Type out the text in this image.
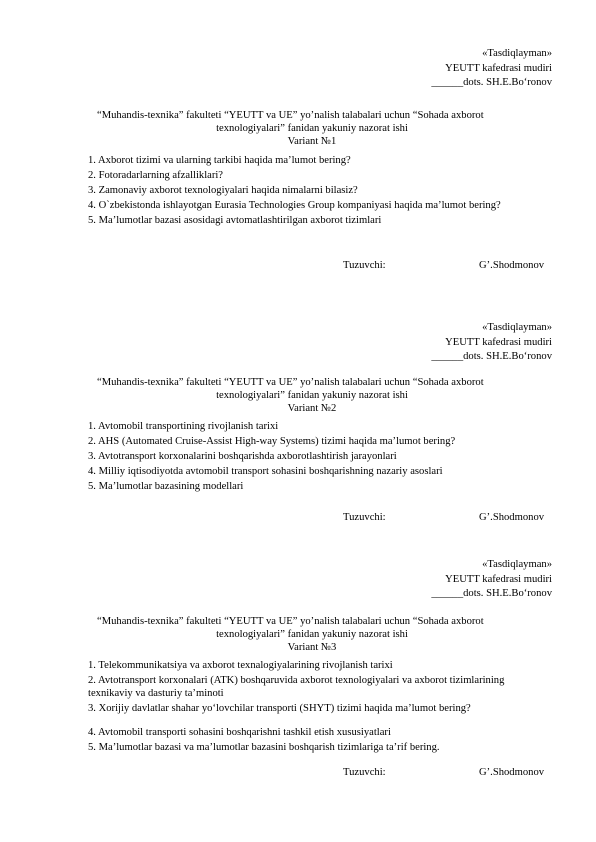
«Tasdiqlayman»
YEUTT kafedrasi mudiri
______dots. SH.E.Bo‘ronov
“Muhandis-texnika” fakulteti “YEUTT va UE” yo’nalish talabalari uchun “Sohada axborot
texnologiyalari” fanidan yakuniy nazorat ishi
Variant №1
1. Axborot tizimi va ularning tarkibi haqida ma’lumot bering?
2. Fotoradarlarning afzalliklari?
3. Zamonaviy axborot texnologiyalari haqida nimalarni bilasiz?
4. O`zbekistonda ishlayotgan Eurasia Technologies Group kompaniyasi haqida ma’lumot bering?
5. Ma’lumotlar bazasi asosidagi avtomatlashtirilgan axborot tizimlari
Tuzuvchi:	G’.Shodmonov
«Tasdiqlayman»
YEUTT kafedrasi mudiri
______dots. SH.E.Bo‘ronov
“Muhandis-texnika” fakulteti “YEUTT va UE” yo’nalish talabalari uchun “Sohada axborot
texnologiyalari” fanidan yakuniy nazorat ishi
Variant №2
1. Avtomobil transportining rivojlanish tarixi
2. AHS (Automated Cruise-Assist High-way Systems) tizimi haqida ma’lumot bering?
3. Avtotransport korxonalarini boshqarishda axborotlashtirish jarayonlari
4. Milliy iqtisodiyotda avtomobil transport sohasini boshqarishning nazariy asoslari
5. Ma’lumotlar bazasining modellari
Tuzuvchi:	G’.Shodmonov
«Tasdiqlayman»
YEUTT kafedrasi mudiri
______dots. SH.E.Bo‘ronov
“Muhandis-texnika” fakulteti “YEUTT va UE” yo’nalish talabalari uchun “Sohada axborot
texnologiyalari” fanidan yakuniy nazorat ishi
Variant №3
1. Telekommunikatsiya va axborot texnalogiyalarining rivojlanish tarixi
2. Avtotransport korxonalari (ATK) boshqaruvida axborot texnologiyalari va axborot tizimlarining texnikaviy va dasturiy ta’minoti
3. Xorijiy davlatlar shahar yo‘lovchilar transporti (SHYT) tizimi haqida ma’lumot bering?
4. Avtomobil transporti sohasini boshqarishni tashkil etish xususiyatlari
5. Ma’lumotlar bazasi va ma’lumotlar bazasini boshqarish tizimlariga ta’rif bering.
Tuzuvchi:	G’.Shodmonov
